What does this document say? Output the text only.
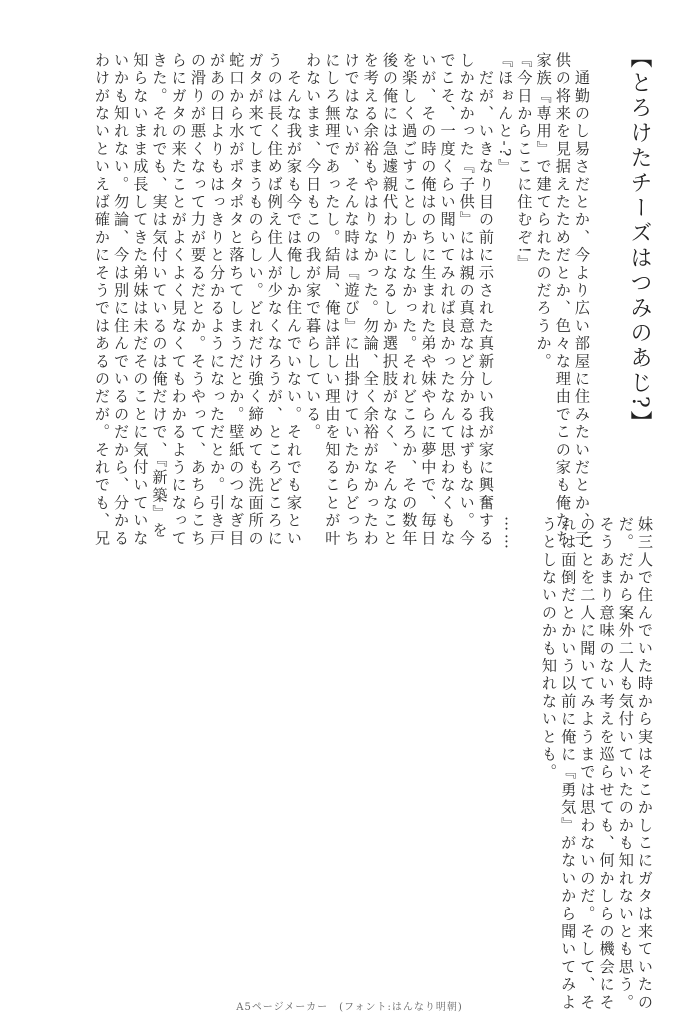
【とろけたチーズはつみのあじ?】
　通勤のし易さだとか、今より広い部屋に住みたいだとか、子
供の将来を見据えたためだとか、色々な理由でこの家も俺たち
家族『専用』で建てられたのだろうか。
『今日からここに住むぞ!』
『ほぉんと-?』
　だが、いきなり目の前に示された真新しい我が家に興奮する
しかなかった『子供』には親の真意など分かるはずもない。今
でこそ、一度くらい聞いてみれば良かったなんて思わなくもな
いが、その時の俺はのちに生まれた弟や妹やらに夢中で、毎日
を楽しく過ごすことしかしなかった。それどころか、その数年
後の俺には急遽親代わりになるしか選択肢がなく、そんなこと
を考える余裕もやはりなかった。勿論、全く余裕がなかったわ
けではないが、そんな時は『遊び』に出掛けていたからどっち
にしろ無理であったし。結局、俺は詳しい理由を知ることが叶
わないまま、今日もこの我が家で暮らしている。
　そんな我が家も今では俺しか住んでいない。それでも家とい
うのは長く住めば例え住人が少なくなろうが、ところどころに
ガタが来てしまうものらしい。どれだけ強く締めても洗面所の
蛇口から水がポタポタと落ちてしまうだとか。壁紙のつなぎ目
があの日よりもはっきりと分かるようになっただとか。引き戸
の滑りが悪くなって力が要るだとか。そうやって、あちらこち
らにガタの来たことがよくよく見なくてもわかるようになって
きた。それでも、実は気付いているのは俺だけで、『新築』を
知らないまま成長してきた弟妹は未だそのことに気付いていな
いかも知れない。勿論、今は別に住んでいるのだから、分かる
わけがないといえば確かにそうではあるのだが。それでも、兄
妹三人で住んでいた時から実はそこかしこにガタは来ていたの
だ。だから案外二人も気付いていたのかも知れないとも思う。
そうあまり意味のない考えを巡らせても、何かしらの機会にそ
のことを二人に聞いてみようまでは思わないのだ。そして、そ
れは面倒だとかいう以前に俺に『勇気』がないから聞いてみよ
うとしないのかも知れないとも。
……
A5ページメーカー　(フォント:はんなり明朝)
